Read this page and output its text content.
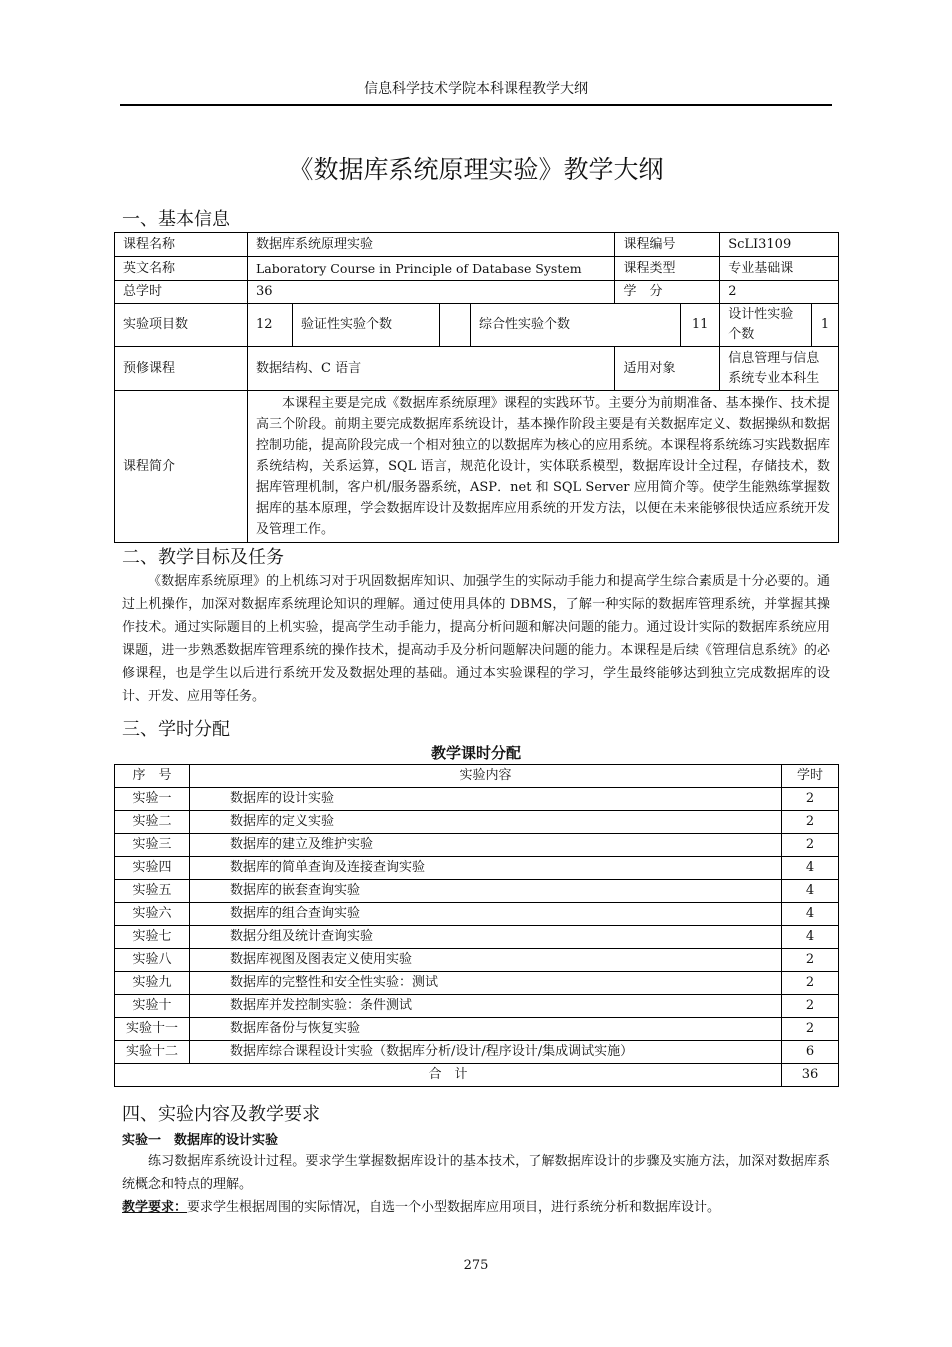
信息科学技术学院本科课程教学大纲
《数据库系统原理实验》教学大纲
一、基本信息
课程名称	数据库系统原理实验				课程编号		ScLI3109	
英文名称	Laboratory Course in Principle of Database System				课程类型		专业基础课	
总学时	36				学　分		2	
实验项目数	12	验证性实验个数		综合性实验个数		11	设计性实验个数	1
预修课程	数据结构、C 语言				适用对象		信息管理与信息系统专业本科生	
课程简介	本课程主要是完成《数据库系统原理》课程的实践环节。主要分为前期准备、基本操作、技术提高三个阶段。前期主要完成数据库系统设计，基本操作阶段主要是有关数据库定义、数据操纵和数据控制功能，提高阶段完成一个相对独立的以数据库为核心的应用系统。本课程将系统练习实践数据库系统结构，关系运算，SQL 语言，规范化设计，实体联系模型，数据库设计全过程，存储技术，数据库管理机制，客户机/服务器系统，ASP．net 和 SQL Server 应用简介等。使学生能熟练掌握数据库的基本原理，学会数据库设计及数据库应用系统的开发方法，以便在未来能够很快适应系统开发及管理工作。							
二、教学目标及任务

《数据库系统原理》的上机练习对于巩固数据库知识、加强学生的实际动手能力和提高学生综合素质是十分必要的。通过上机操作，加深对数据库系统理论知识的理解。通过使用具体的 DBMS，了解一种实际的数据库管理系统，并掌握其操作技术。通过实际题目的上机实验，提高学生动手能力，提高分析问题和解决问题的能力。通过设计实际的数据库系统应用课题，进一步熟悉数据库管理系统的操作技术，提高动手及分析问题解决问题的能力。本课程是后续《管理信息系统》的必修课程，也是学生以后进行系统开发及数据处理的基础。通过本实验课程的学习，学生最终能够达到独立完成数据库的设计、开发、应用等任务。

三、学时分配
教学课时分配
序　号	实验内容	学时
实验一	数据库的设计实验	2
实验二	数据库的定义实验	2
实验三	数据库的建立及维护实验	2
实验四	数据库的简单查询及连接查询实验	4
实验五	数据库的嵌套查询实验	4
实验六	数据库的组合查询实验	4
实验七	数据分组及统计查询实验	4
实验八	数据库视图及图表定义使用实验	2
实验九	数据库的完整性和安全性实验：测试	2
实验十	数据库并发控制实验：条件测试	2
实验十一	数据库备份与恢复实验	2
实验十二	数据库综合课程设计实验（数据库分析/设计/程序设计/集成调试实施）	6
合　计		36
四、实验内容及教学要求
实验一　数据库的设计实验

练习数据库系统设计过程。要求学生掌握数据库设计的基本技术，了解数据库设计的步骤及实施方法，加深对数据库系统概念和特点的理解。

教学要求：要求学生根据周围的实际情况，自选一个小型数据库应用项目，进行系统分析和数据库设计。

275
